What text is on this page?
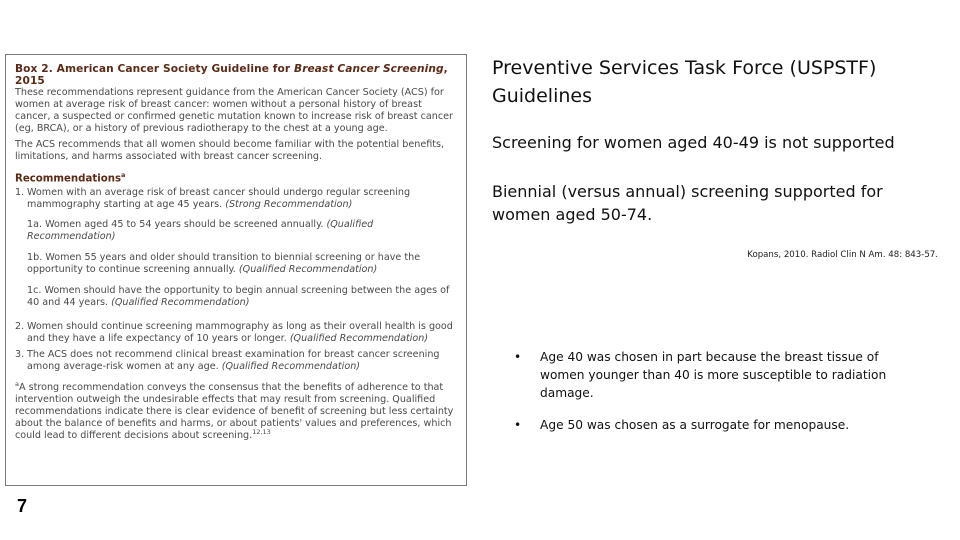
Box 2. American Cancer Society Guideline for Breast Cancer Screening, 2015

These recommendations represent guidance from the American Cancer Society (ACS) for women at average risk of breast cancer: women without a personal history of breast cancer, a suspected or confirmed genetic mutation known to increase risk of breast cancer (eg, BRCA), or a history of previous radiotherapy to the chest at a young age.

The ACS recommends that all women should become familiar with the potential benefits, limitations, and harms associated with breast cancer screening.

Recommendations$^a$
1. Women with an average risk of breast cancer should undergo regular screening mammography starting at age 45 years. (Strong Recommendation)
1a. Women aged 45 to 54 years should be screened annually. (Qualified Recommendation)
1b. Women 55 years and older should transition to biennial screening or have the opportunity to continue screening annually. (Qualified Recommendation)
1c. Women should have the opportunity to begin annual screening between the ages of 40 and 44 years. (Qualified Recommendation)
2. Women should continue screening mammography as long as their overall health is good and they have a life expectancy of 10 years or longer. (Qualified Recommendation)
3. The ACS does not recommend clinical breast examination for breast cancer screening among average-risk women at any age. (Qualified Recommendation)

$^a$A strong recommendation conveys the consensus that the benefits of adherence to that intervention outweigh the undesirable effects that may result from screening. Qualified recommendations indicate there is clear evidence of benefit of screening but less certainty about the balance of benefits and harms, or about patients' values and preferences, which could lead to different decisions about screening.$^{12,13}$

7
Preventive Services Task Force (USPSTF) Guidelines
Screening for women aged 40-49 is not supported
Biennial (versus annual) screening supported for women aged 50-74.
Kopans, 2010. Radiol Clin N Am. 48: 843-57.
• Age 40 was chosen in part because the breast tissue of women younger than 40 is more susceptible to radiation damage.
• Age 50 was chosen as a surrogate for menopause.
